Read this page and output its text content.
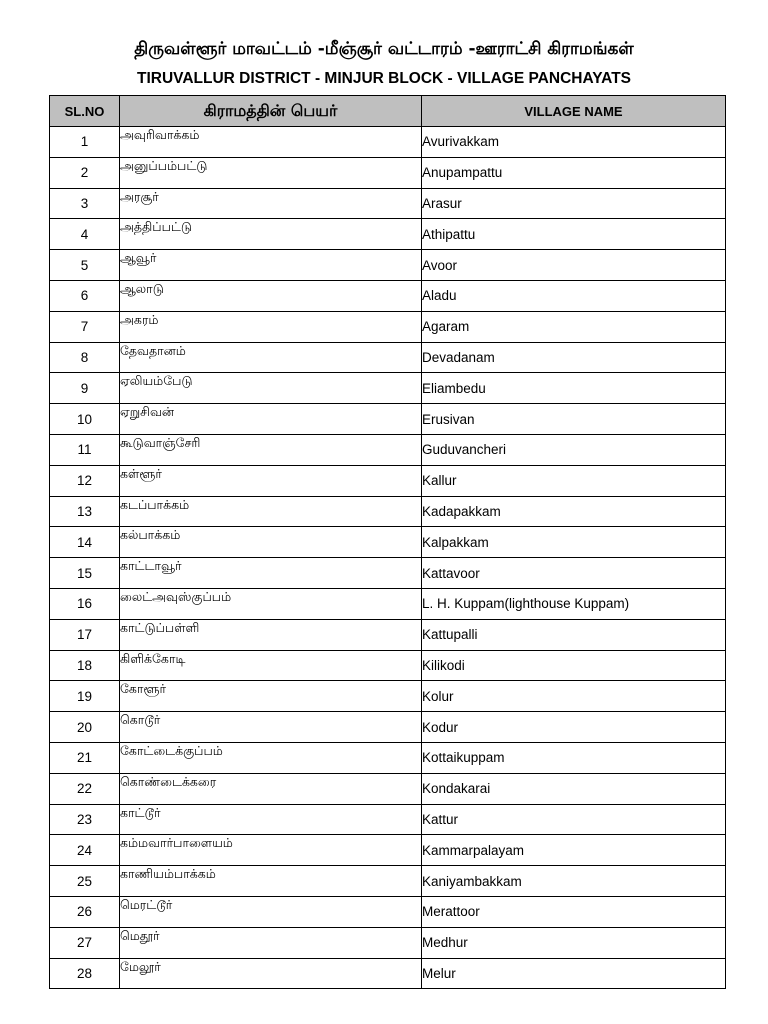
திருவள்ளூர் மாவட்டம் -மீஞ்சூர் வட்டாரம் -ஊராட்சி கிராமங்கள்
TIRUVALLUR DISTRICT - MINJUR BLOCK - VILLAGE PANCHAYATS
SL.NO	கிராமத்தின் பெயர்	VILLAGE NAME
1	அவுரிவாக்கம்	Avurivakkam
2	அனுப்பம்பட்டு	Anupampattu
3	அரசூர்	Arasur
4	அத்திப்பட்டு	Athipattu
5	ஆவூர்	Avoor
6	ஆலாடு	Aladu
7	அகரம்	Agaram
8	தேவதானம்	Devadanam
9	ஏலியம்பேடு	Eliambedu
10	ஏறுசிவன்	Erusivan
11	கூடுவாஞ்சேரி	Guduvancheri
12	கள்ளூர்	Kallur
13	கடப்பாக்கம்	Kadapakkam
14	கல்பாக்கம்	Kalpakkam
15	காட்டாவூர்	Kattavoor
16	லைட்அவுஸ்குப்பம்	L. H. Kuppam(lighthouse Kuppam)
17	காட்டுப்பள்ளி	Kattupalli
18	கிளிக்கோடி	Kilikodi
19	கோளூர்	Kolur
20	கொடூர்	Kodur
21	கோட்டைக்குப்பம்	Kottaikuppam
22	கொண்டைக்கரை	Kondakarai
23	காட்டூர்	Kattur
24	கம்மவார்பாளையம்	Kammarpalayam
25	காணியம்பாக்கம்	Kaniyambakkam
26	மெரட்டூர்	Merattoor
27	மெதூர்	Medhur
28	மேலூர்	Melur
